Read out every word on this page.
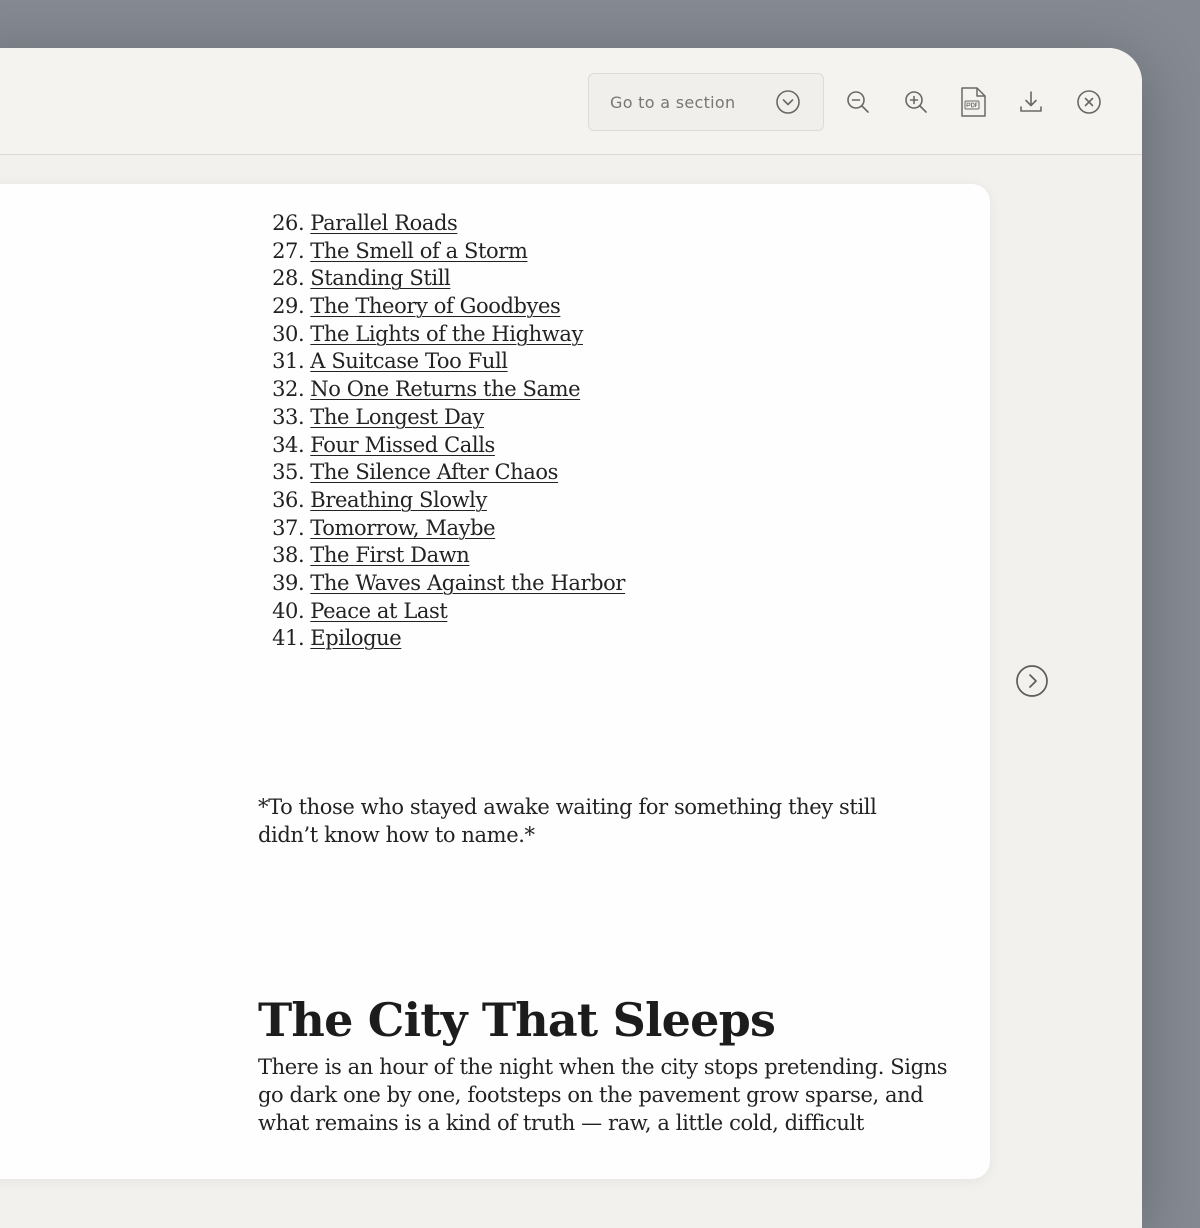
Go to a section
26 . Parallel Roads
27 . The Smell of a Storm
28 . Standing Still
29 . The Theory of Goodbyes
30 . The Lights of the Highway
31 . A Suitcase Too Full
32 . No One Returns the Same
33 . The Longest Day
34 . Four Missed Calls
35 . The Silence After Chaos
36 . Breathing Slowly
37 . Tomorrow, Maybe
38 . The First Dawn
39 . The Waves Against the Harbor
40 . Peace at Last
41 . Epilogue

*To those who stayed awake waiting for something they still didn’t know how to name.*

The City That Sleeps

There is an hour of the night when the city stops pretending. Signs go dark one by one, footsteps on the pavement grow sparse, and what remains is a kind of truth — raw, a little cold, difficult
